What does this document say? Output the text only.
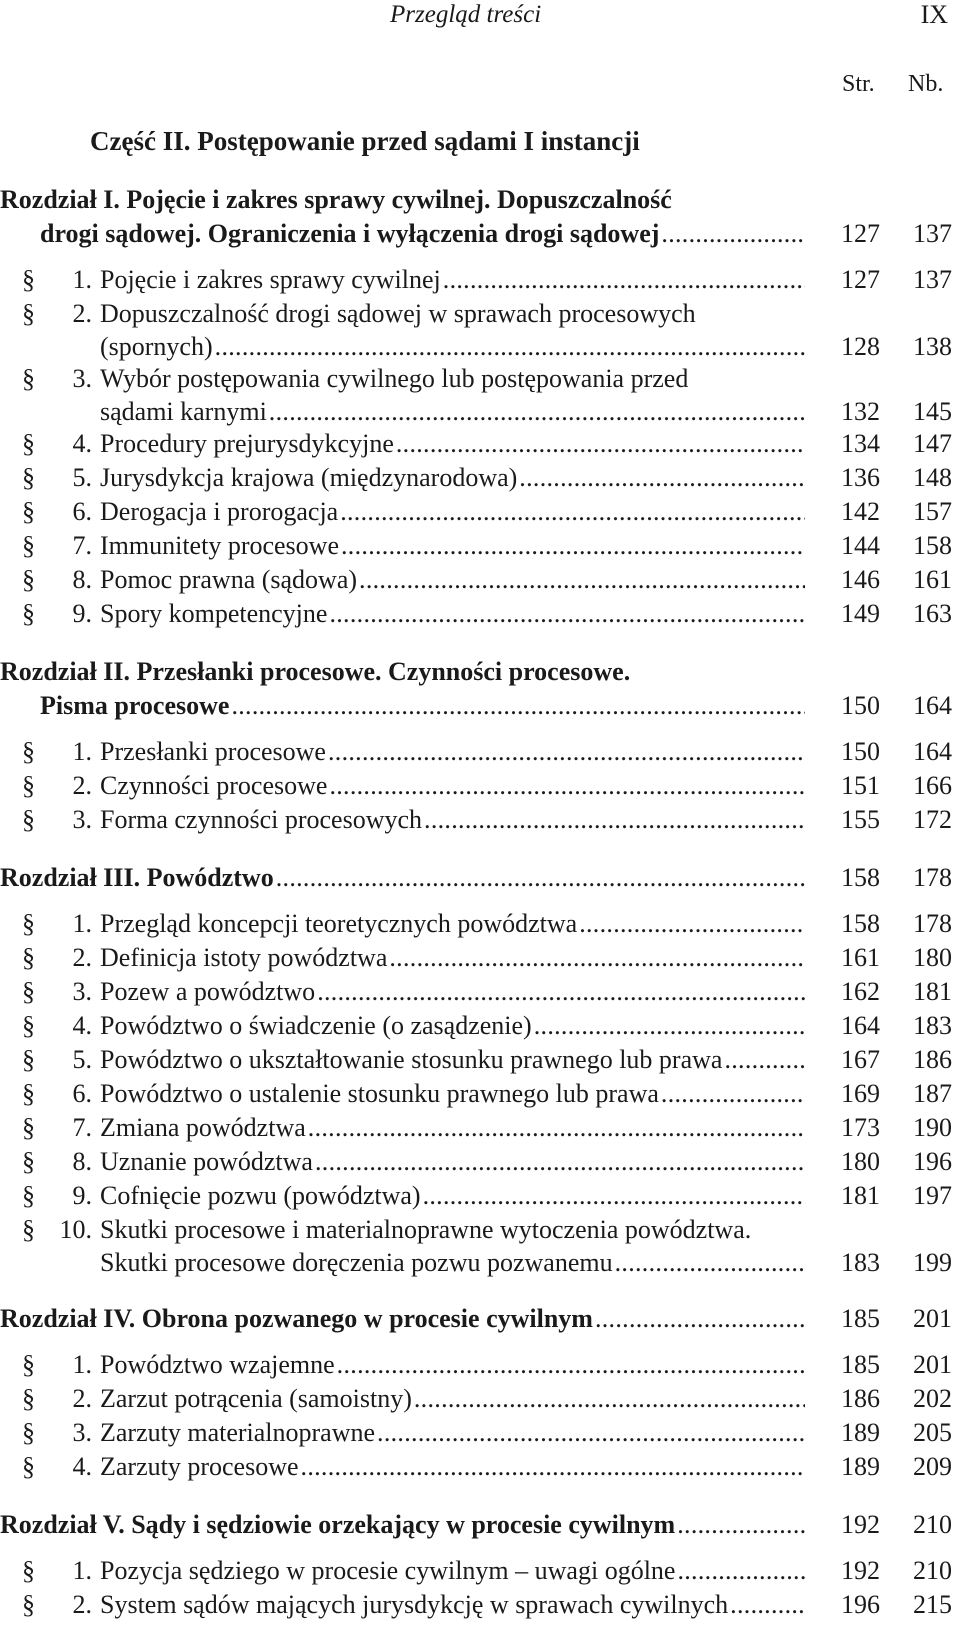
Przegląd treści	IX
Str. Nb.
Część II. Postępowanie przed sądami I instancji
Rozdział I. Pojęcie i zakres sprawy cywilnej. Dopuszczalność
drogi sądowej. Ograniczenia i wyłączenia drogi sądowej .....	127	137
§ 1. Pojęcie i zakres sprawy cywilnej .....	127	137
§ 2. Dopuszczalność drogi sądowej w sprawach procesowych
(spornych) .....	128	138
§ 3. Wybór postępowania cywilnego lub postępowania przed
sądami karnymi .....	132	145
§ 4. Procedury prejurysdykcyjne .....	134	147
§ 5. Jurysdykcja krajowa (międzynarodowa) .....	136	148
§ 6. Derogacja i prorogacja .....	142	157
§ 7. Immunitety procesowe .....	144	158
§ 8. Pomoc prawna (sądowa) .....	146	161
§ 9. Spory kompetencyjne .....	149	163
Rozdział II. Przesłanki procesowe. Czynności procesowe.
Pisma procesowe .....	150	164
§ 1. Przesłanki procesowe .....	150	164
§ 2. Czynności procesowe .....	151	166
§ 3. Forma czynności procesowych .....	155	172
Rozdział III. Powództwo .....	158	178
§ 1. Przegląd koncepcji teoretycznych powództwa .....	158	178
§ 2. Definicja istoty powództwa .....	161	180
§ 3. Pozew a powództwo .....	162	181
§ 4. Powództwo o świadczenie (o zasądzenie) .....	164	183
§ 5. Powództwo o ukształtowanie stosunku prawnego lub prawa .....	167	186
§ 6. Powództwo o ustalenie stosunku prawnego lub prawa .....	169	187
§ 7. Zmiana powództwa .....	173	190
§ 8. Uznanie powództwa .....	180	196
§ 9. Cofnięcie pozwu (powództwa) .....	181	197
§ 10. Skutki procesowe i materialnoprawne wytoczenia powództwa.
Skutki procesowe doręczenia pozwu pozwanemu .....	183	199
Rozdział IV. Obrona pozwanego w procesie cywilnym .....	185	201
§ 1. Powództwo wzajemne .....	185	201
§ 2. Zarzut potrącenia (samoistny) .....	186	202
§ 3. Zarzuty materialnoprawne .....	189	205
§ 4. Zarzuty procesowe .....	189	209
Rozdział V. Sądy i sędziowie orzekający w procesie cywilnym .....	192	210
§ 1. Pozycja sędziego w procesie cywilnym – uwagi ogólne .....	192	210
§ 2. System sądów mających jurysdykcję w sprawach cywilnych .....	196	215
